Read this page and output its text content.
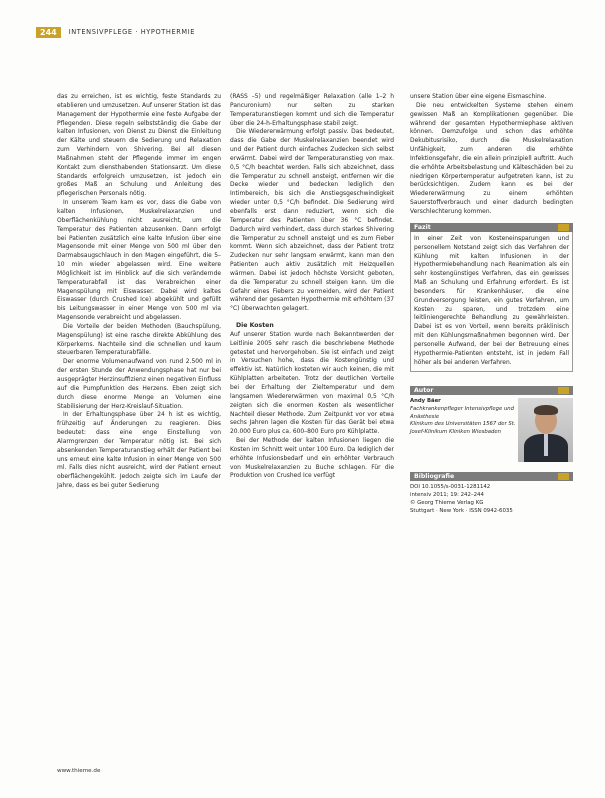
244	INTENSIVPFLEGE · HYPOTHERMIE

das zu erreichen, ist es wichtig, feste Standards zu etablieren und umzusetzen. Auf unserer Station ist das Management der Hypothermie eine feste Aufgabe der Pflegenden. Diese regeln selbstständig die Gabe der kalten Infusionen, von Dienst zu Dienst die Einleitung der Kälte und steuern die Sedierung und Relaxation zum Verhindern von Shivering. Bei all diesen Maßnahmen steht der Pflegende immer im engen Kontakt zum diensthabenden Stationsarzt. Um diese Standards erfolgreich umzusetzen, ist jedoch ein großes Maß an Schulung und Anleitung des pflegerischen Personals nötig.

In unserem Team kam es vor, dass die Gabe von kalten Infusionen, Muskelrelaxanzien und Oberflächenkühlung nicht ausreicht, um die Temperatur des Patienten abzusenken. Dann erfolgt bei Patienten zusätzlich eine kalte Infusion über eine Magensonde mit einer Menge von 500 ml über den Darmabsaugschlauch in den Magen eingeführt, die 5–10 min wieder abgelassen wird. Eine weitere Möglichkeit ist im Hinblick auf die sich verändernde Temperaturabfall ist das Verabreichen einer Magenspülung mit Eiswasser. Dabei wird kaltes Eiswasser (durch Crushed Ice) abgekühlt und gefüllt bis Leitungswasser in einer Menge von 500 ml via Magensonde verabreicht und abgelassen.

Die Vorteile der beiden Methoden (Bauchspülung, Magenspülung) ist eine rasche direkte Abkühlung des Körperkerns. Nachteile sind die schnellen und kaum steuerbaren Temperaturabfälle.

Der enorme Volumenaufwand von rund 2.500 ml in der ersten Stunde der Anwendungsphase hat nur bei ausgeprägter Herzinsuffizienz einen negativen Einfluss auf die Pumpfunktion des Herzens. Eben zeigt sich durch diese enorme Menge an Volumen eine Stabilisierung der Herz-Kreislauf-Situation.

In der Erhaltungsphase über 24 h ist es wichtig, frühzeitig auf Änderungen zu reagieren. Dies bedeutet: dass eine enge Einstellung von Alarmgrenzen der Temperatur nötig ist. Bei sich absenkenden Temperaturanstieg erhält der Patient bei uns erneut eine kalte Infusion in einer Menge von 500 ml. Falls dies nicht ausreicht, wird der Patient erneut oberflächengekühlt. Jedoch zeigte sich im Laufe der Jahre, dass es bei guter Sedierung

(RASS –5) und regelmäßiger Relaxation (alle 1–2 h Pancuronium) nur selten zu starken Temperaturanstiegen kommt und sich die Temperatur über die 24-h-Erhaltungsphase stabil zeigt.

Die Wiedererwärmung erfolgt passiv. Das bedeutet, dass die Gabe der Muskelrelaxanzien beendet wird und der Patient durch einfaches Zudecken sich selbst erwärmt. Dabei wird der Temperaturanstieg von max. 0,5 °C/h beachtet werden. Falls sich abzeichnet, dass die Temperatur zu schnell ansteigt, entfernen wir die Decke wieder und bedecken lediglich den Intimbereich, bis sich die Anstiegsgeschwindigkeit wieder unter 0,5 °C/h befindet. Die Sedierung wird ebenfalls erst dann reduziert, wenn sich die Temperatur des Patienten über 36 °C befindet. Dadurch wird verhindert, dass durch starkes Shivering die Temperatur zu schnell ansteigt und es zum Fieber kommt. Wenn sich abzeichnet, dass der Patient trotz Zudecken nur sehr langsam erwärmt, kann man den Patienten auch aktiv zusätzlich mit Heizquellen wärmen. Dabei ist jedoch höchste Vorsicht geboten, da die Temperatur zu schnell steigen kann. Um die Gefahr eines Fiebers zu vermeiden, wird der Patient während der gesamten Hypothermie mit erhöhtem (37 °C) überwachten gelagert.

Die Kosten

Auf unserer Station wurde nach Bekanntwerden der Leitlinie 2005 sehr rasch die beschriebene Methode getestet und hervorgehoben. Sie ist einfach und zeigt in Versuchen hohe, dass die Kostengünstig und effektiv ist. Natürlich kosteten wir auch keinen, die mit Kühlplatten arbeiteten. Trotz der deutlichen Vorteile bei der Erhaltung der Zieltemperatur und dem langsamen Wiedererwärmen von maximal 0,5 °C/h zeigten sich die enormen Kosten als wesentlicher Nachteil dieser Methode. Zum Zeitpunkt vor vor etwa sechs Jahren lagen die Kosten für das Gerät bei etwa 20.000 Euro plus ca. 600–800 Euro pro Kühlplatte.

Bei der Methode der kalten Infusionen liegen die Kosten im Schnitt weit unter 100 Euro. Da lediglich der erhöhte Infusionsbedarf und ein erhöhter Verbrauch von Muskelrelaxanzien zu Buche schlagen. Für die Produktion von Crushed Ice verfügt

unsere Station über eine eigene Eismaschine.

Die neu entwickelten Systeme stehen einem gewissen Maß an Komplikationen gegenüber. Die während der gesamten Hypothermiephase aktiven können. Demzufolge und schon das erhöhte Dekubitusrisiko, durch die Muskelrelaxation Unfähigkeit, zum anderen die erhöhte Infektionsgefahr, die ein allein prinzipiell auftritt. Auch die erhöhte Arbeitsbelastung und Kälteschäden bei zu niedrigen Körpertemperatur aufgetreten kann, ist zu berücksichtigen. Zudem kann es bei der Wiedererwärmung zu einem erhöhten Sauerstoffverbrauch und einer dadurch bedingten Verschlechterung kommen.

Fazit

In einer Zeit von Kosteneinsparungen und personellem Notstand zeigt sich das Verfahren der Kühlung mit kalten Infusionen in der Hypothermiebehandlung nach Reanimation als ein sehr kostengünstiges Verfahren, das ein gewisses Maß an Schulung und Erfahrung erfordert. Es ist besonders für Krankenhäuser, die eine Grundversorgung leisten, ein gutes Verfahren, um Kosten zu sparen, und trotzdem eine leitliniengerechte Behandlung zu gewährleisten. Dabei ist es von Vorteil, wenn bereits präklinisch mit den Kühlungsmaßnahmen begonnen wird. Der personelle Aufwand, der bei der Betreuung eines Hypothermie-Patienten entsteht, ist in jedem Fall höher als bei anderen Verfahren.

Autor
Andy Bäer
Fachkrankenpfleger Intensivpflege und Anästhesie
Klinikum des Universitäten 1567 der St. Josef-Klinikum Kliniken Wiesbaden
Bibliografie
DOI 10.1055/s-0031-1281142
intensiv 2011; 19: 242–244
© Georg Thieme Verlag KG
Stuttgart · New York · ISSN 0942-6035
www.thieme.de
